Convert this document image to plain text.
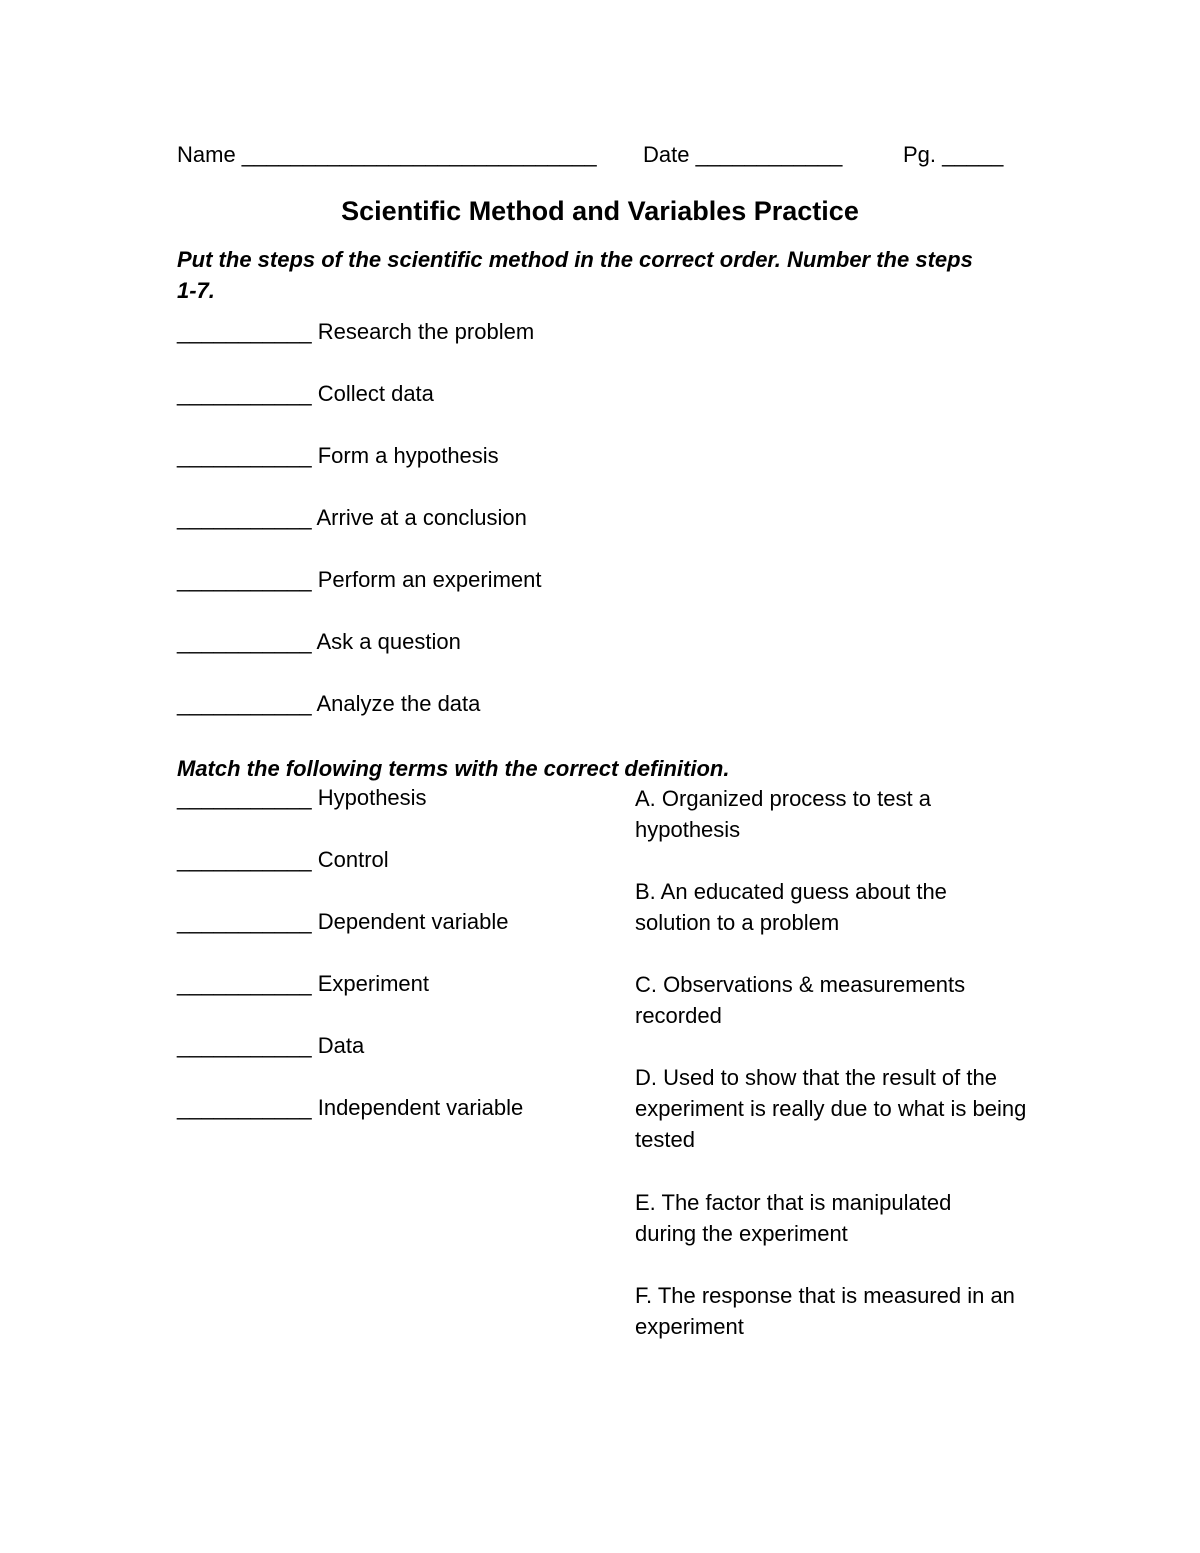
Name _____________________________ Date ____________	Pg. _____
Scientific Method and Variables Practice
Put the steps of the scientific method in the correct order. Number the steps 1-7.
___________ Research the problem
___________ Collect data
___________ Form a hypothesis
___________ Arrive at a conclusion
___________ Perform an experiment
___________ Ask a question
___________ Analyze the data
Match the following terms with the correct definition.
___________ Hypothesis
___________ Control
___________ Dependent variable
___________ Experiment
___________ Data
___________ Independent variable
A. Organized process to test a hypothesis
B. An educated guess about the solution to a problem
C. Observations & measurements recorded
D. Used to show that the result of the experiment is really due to what is being tested
E. The factor that is manipulated during the experiment
F. The response that is measured in an experiment
